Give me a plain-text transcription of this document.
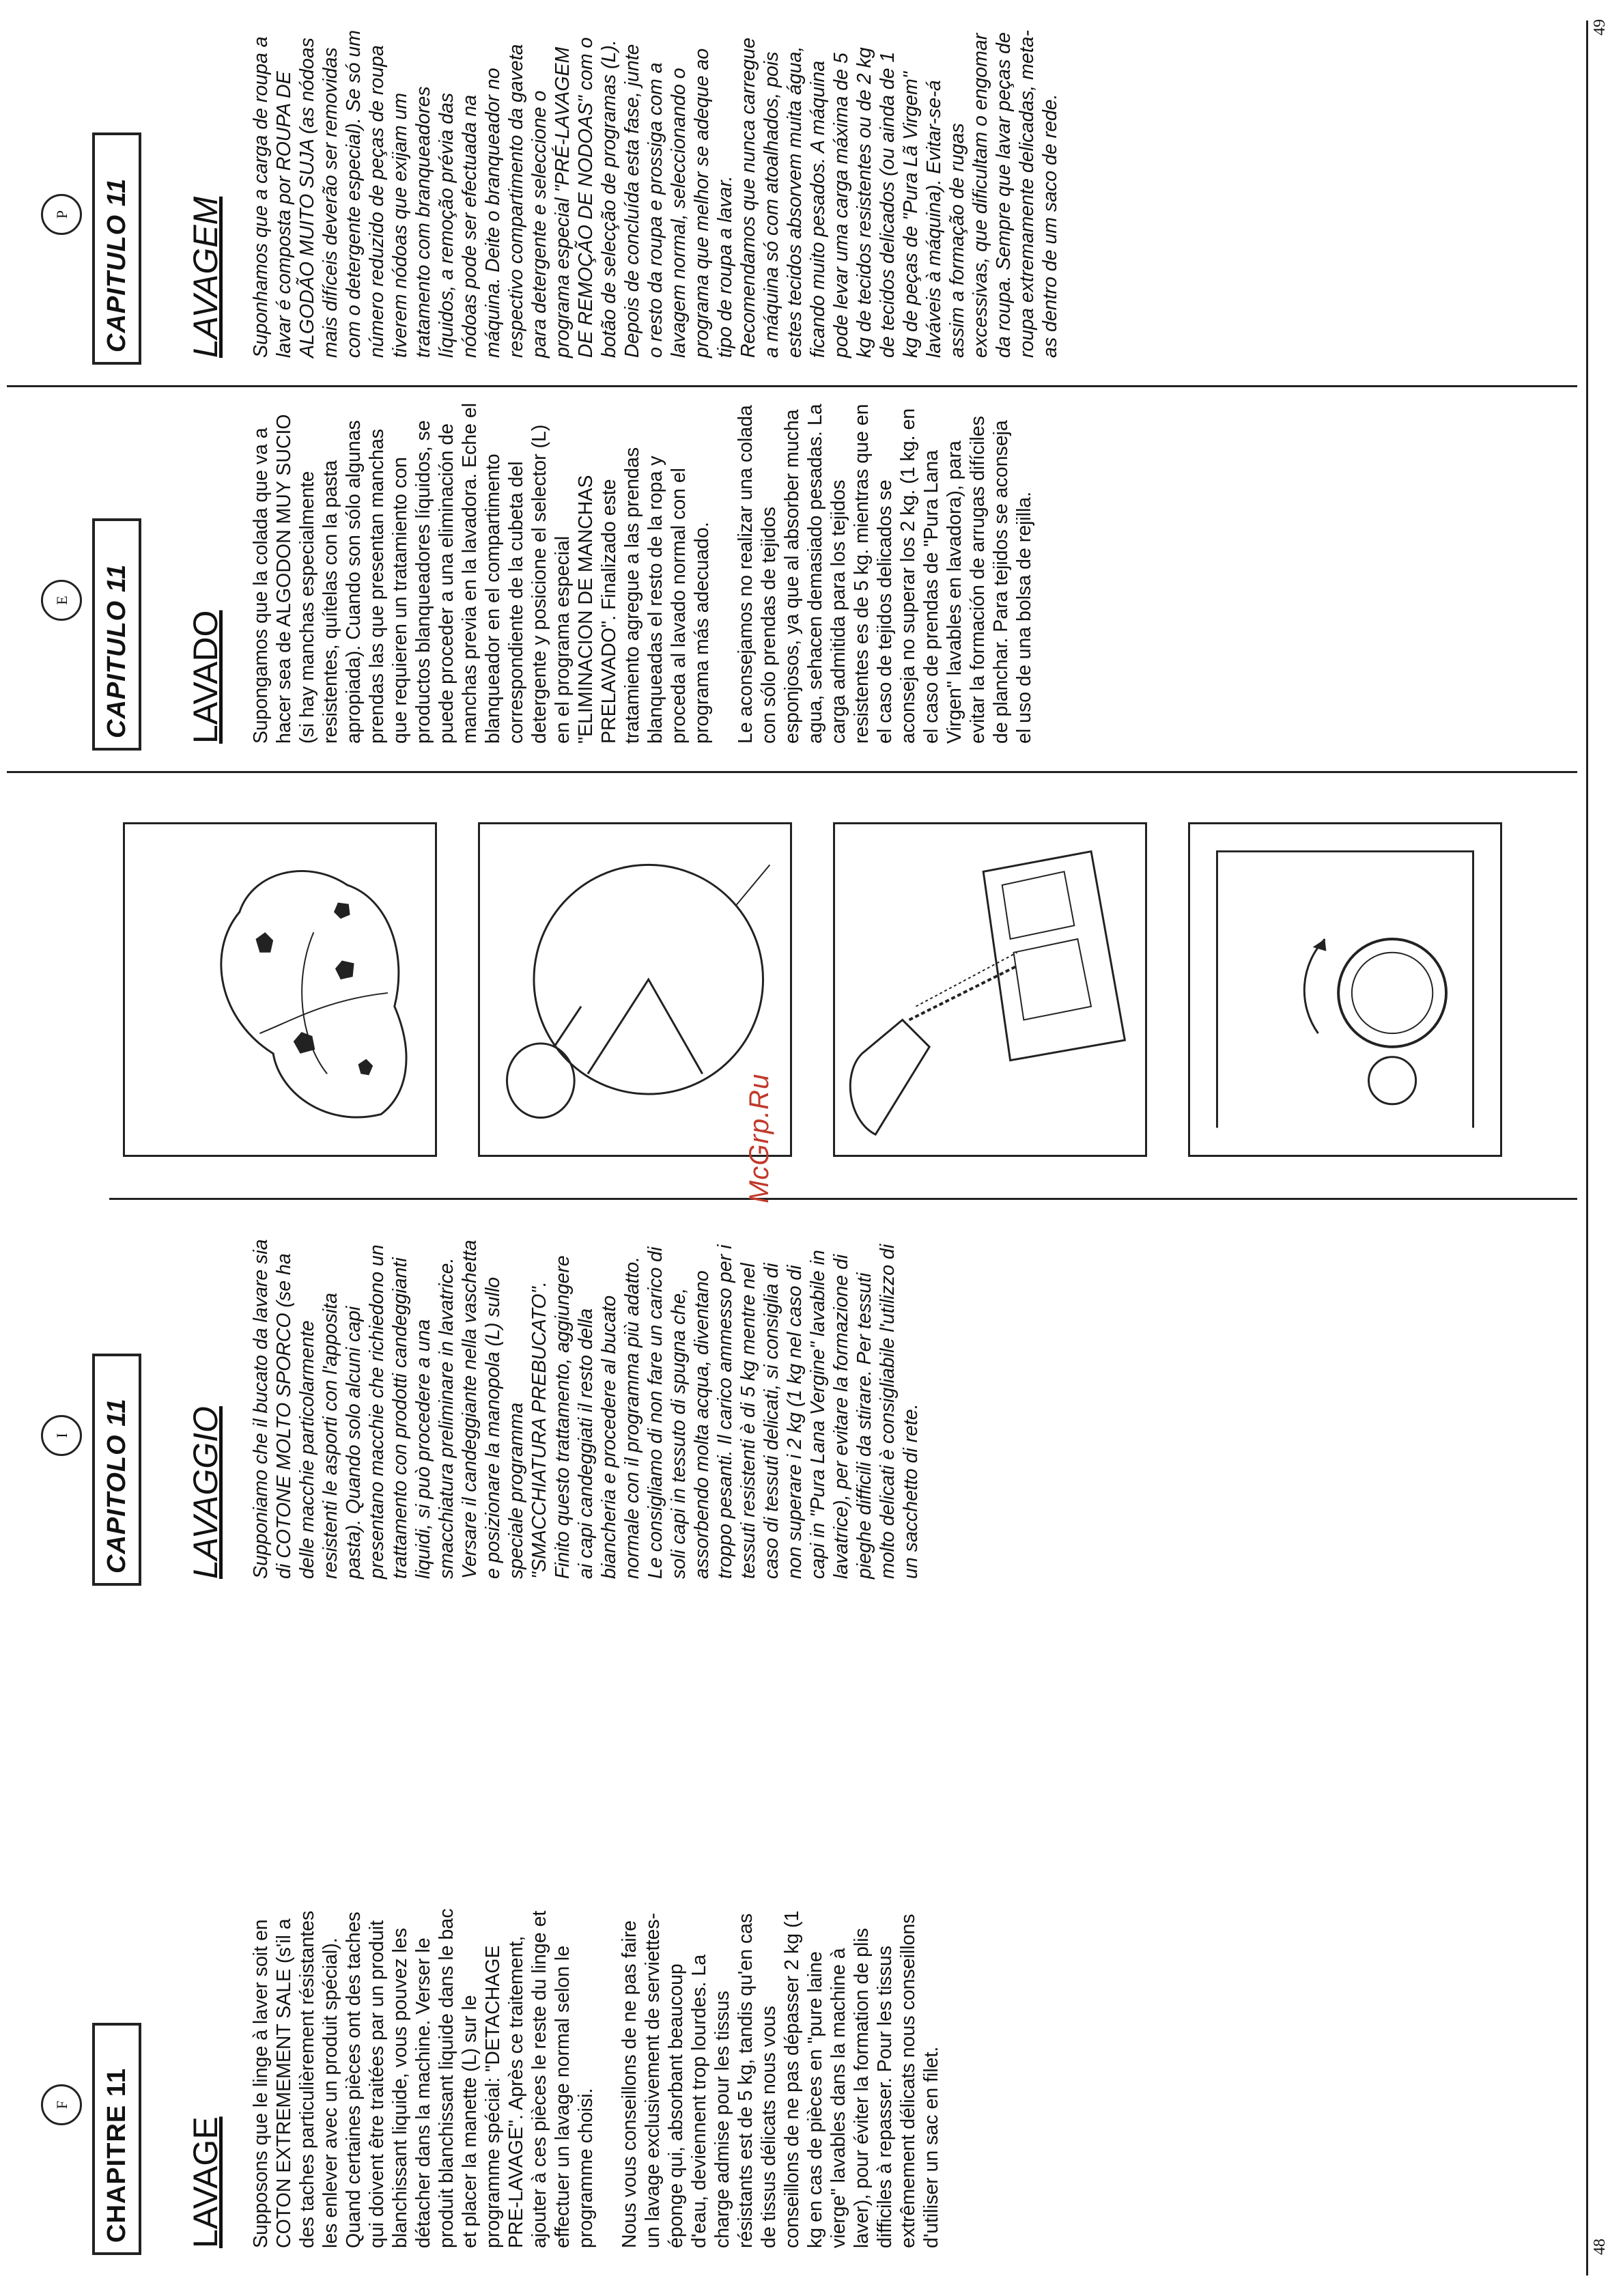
48
49
F	CHAPITRE 11	LAVAGE Supposons que le linge à laver soit en COTON EXTREMEMENT SALE (s'il a des taches particulièrement résistantes les enlever avec un produit spécial). Quand certaines pièces ont des taches qui doivent être traitées par un produit blanchissant liquide, vous pouvez les détacher dans la machine. Verser le produit blanchissant liquide dans le bac et placer la manette (L) sur le programme spécial: "DETACHAGE PRE-LAVAGE". Après ce traitement, ajouter à ces pièces le reste du linge et effectuer un lavage normal selon le programme choisi. Nous vous conseillons de ne pas faire un lavage exclusivement de serviettes-éponge qui, absorbant beaucoup d'eau, deviennent trop lourdes. La charge admise pour les tissus résistants est de 5 kg, tandis qu'en cas de tissus délicats nous vous conseillons de ne pas dépasser 2 kg (1 kg en cas de pièces en "pure laine vierge" lavables dans la machine à laver), pour éviter la formation de plis difficiles à repasser. Pour les tissus extrêmement délicats nous conseillons d'utiliser un sac en filet.

I	CAPITOLO 11	LAVAGGIO Supponiamo che il bucato da lavare sia di COTONE MOLTO SPORCO (se ha delle macchie particolarmente resistenti le asporti con l'apposita pasta). Quando solo alcuni capi presentano macchie che richiedono un trattamento con prodotti candeggianti liquidi, si può procedere a una smacchiatura preliminare in lavatrice. Versare il candeggiante nella vaschetta e posizionare la manopola (L) sullo speciale programma "SMACCHIATURA PREBUCATO". Finito questo trattamento, aggiungere ai capi candeggiati il resto della biancheria e procedere al bucato normale con il programma più adatto. Le consigliamo di non fare un carico di soli capi in tessuto di spugna che, assorbendo molta acqua, diventano troppo pesanti. Il carico ammesso per i tessuti resistenti è di 5 kg mentre nel caso di tessuti delicati, si consiglia di non superare i 2 kg (1 kg nel caso di capi in "Pura Lana Vergine" lavabile in lavatrice), per evitare la formazione di pieghe difficili da stirare. Per tessuti molto delicati è consigliabile l'utilizzo di un sacchetto di rete.

McGrp.Ru
E	CAPITULO 11	LAVADO Supongamos que la colada que va a hacer sea de ALGODON MUY SUCIO (si hay manchas especialmente resistentes, quítelas con la pasta apropiada). Cuando son sólo algunas prendas las que presentan manchas que requieren un tratamiento con productos blanqueadores líquidos, se puede proceder a una eliminación de manchas previa en la lavadora. Eche el blanqueador en el compartimento correspondiente de la cubeta del detergente y posicione el selector (L) en el programa especial "ELIMINACION DE MANCHAS PRELAVADO". Finalizado este tratamiento agregue a las prendas blanqueadas el resto de la ropa y proceda al lavado normal con el programa más adecuado. Le aconsejamos no realizar una colada con sólo prendas de tejidos esponjosos, ya que al absorber mucha agua, sehacen demasiado pesadas. La carga admitida para los tejidos resistentes es de 5 kg. mientras que en el caso de tejidos delicados se aconseja no superar los 2 kg. (1 kg. en el caso de prendas de "Pura Lana Virgen" lavables en lavadora), para evitar la formación de arrugas difíciles de planchar. Para tejidos se aconseja el uso de una bolsa de rejilla.

P	CAPITULO 11	LAVAGEM Suponhamos que a carga de roupa a lavar é composta por ROUPA DE ALGODÃO MUITO SUJA (as nódoas mais difíceis deverão ser removidas com o detergente especial). Se só um número reduzido de peças de roupa tiverem nódoas que exijam um tratamento com branqueadores líquidos, a remoção prévia das nódoas pode ser efectuada na máquina. Deite o branqueador no respectivo compartimento da gaveta para detergente e seleccione o programa especial "PRÉ-LAVAGEM DE REMOÇÃO DE NODOAS" com o botão de selecção de programas (L). Depois de concluída esta fase, junte o resto da roupa e prossiga com a lavagem normal, seleccionando o programa que melhor se adeque ao tipo de roupa a lavar. Recomendamos que nunca carregue a máquina só com atoalhados, pois estes tecidos absorvem muita água, ficando muito pesados. A máquina pode levar uma carga máxima de 5 kg de tecidos resistentes ou de 2 kg de tecidos delicados (ou ainda de 1 kg de peças de "Pura Lã Virgem" laváveis à máquina). Evitar-se-á assim a formação de rugas excessivas, que dificultam o engomar da roupa. Sempre que lavar peças de roupa extremamente delicadas, meta-as dentro de um saco de rede.
